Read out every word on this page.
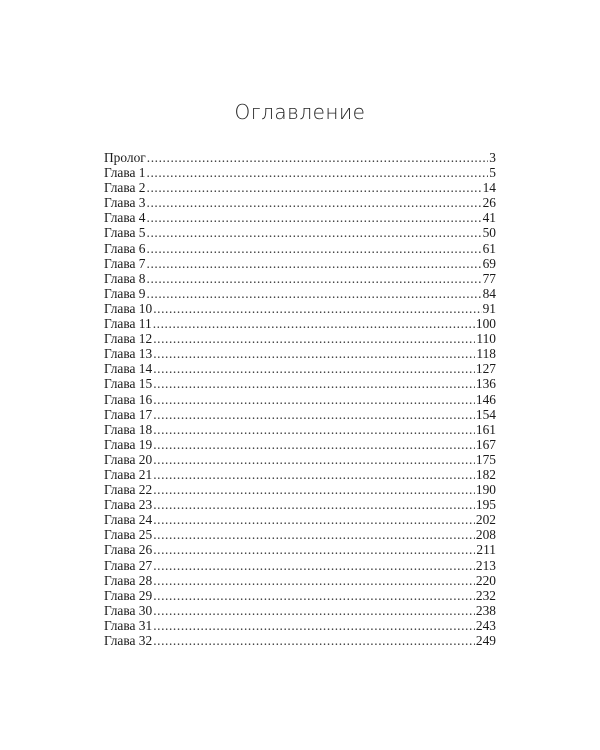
Оглавление
Пролог .....	3
Глава 1 .....	5
Глава 2 .....	14
Глава 3 .....	26
Глава 4 .....	41
Глава 5 .....	50
Глава 6 .....	61
Глава 7 .....	69
Глава 8 .....	77
Глава 9 .....	84
Глава 10 .....	91
Глава 11 .....	100
Глава 12 .....	110
Глава 13 .....	118
Глава 14 .....	127
Глава 15 .....	136
Глава 16 .....	146
Глава 17 .....	154
Глава 18 .....	161
Глава 19 .....	167
Глава 20 .....	175
Глава 21 .....	182
Глава 22 .....	190
Глава 23 .....	195
Глава 24 .....	202
Глава 25 .....	208
Глава 26 .....	211
Глава 27 .....	213
Глава 28 .....	220
Глава 29 .....	232
Глава 30 .....	238
Глава 31 .....	243
Глава 32 .....	249
